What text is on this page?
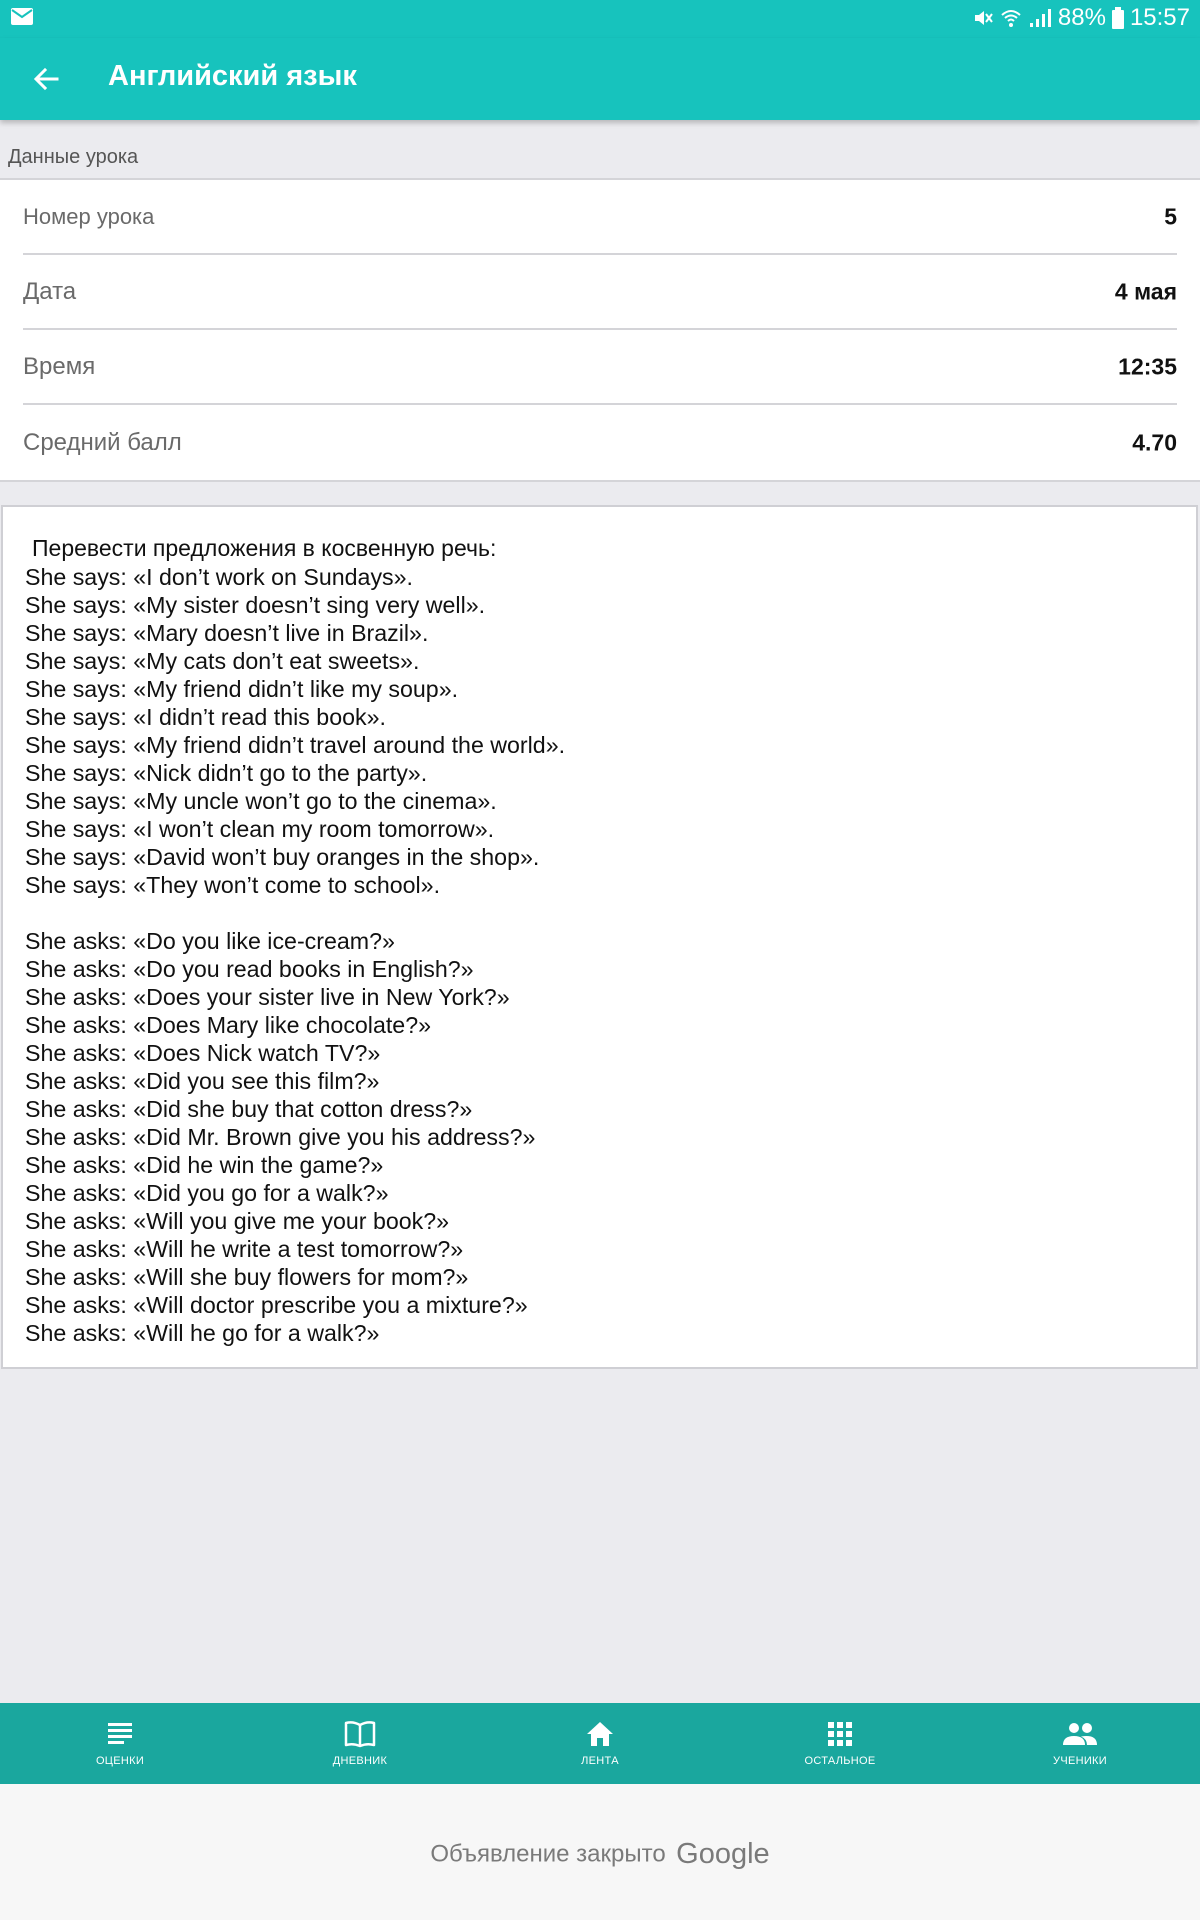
88% 15:57
Английский язык
Данные урока
Номер урока	5
Дата	4 мая
Время	12:35
Средний балл	4.70
Перевести предложения в косвенную речь:
She says: «I don’t work on Sundays».
She says: «My sister doesn’t sing very well».
She says: «Mary doesn’t live in Brazil».
She says: «My cats don’t eat sweets».
She says: «My friend didn’t like my soup».
She says: «I didn’t read this book».
She says: «My friend didn’t travel around the world».
She says: «Nick didn’t go to the party».
She says: «My uncle won’t go to the cinema».
She says: «I won’t clean my room tomorrow».
She says: «David won’t buy oranges in the shop».
She says: «They won’t come to school».
She asks: «Do you like ice-cream?»
She asks: «Do you read books in English?»
She asks: «Does your sister live in New York?»
She asks: «Does Mary like chocolate?»
She asks: «Does Nick watch TV?»
She asks: «Did you see this film?»
She asks: «Did she buy that cotton dress?»
She asks: «Did Mr. Brown give you his address?»
She asks: «Did he win the game?»
She asks: «Did you go for a walk?»
She asks: «Will you give me your book?»
She asks: «Will he write a test tomorrow?»
She asks: «Will she buy flowers for mom?»
She asks: «Will doctor prescribe you a mixture?»
She asks: «Will he go for a walk?»
ОЦЕНКИ	ДНЕВНИК	ЛЕНТА	ОСТАЛЬНОЕ	УЧЕНИКИ
Объявление закрыто Google
